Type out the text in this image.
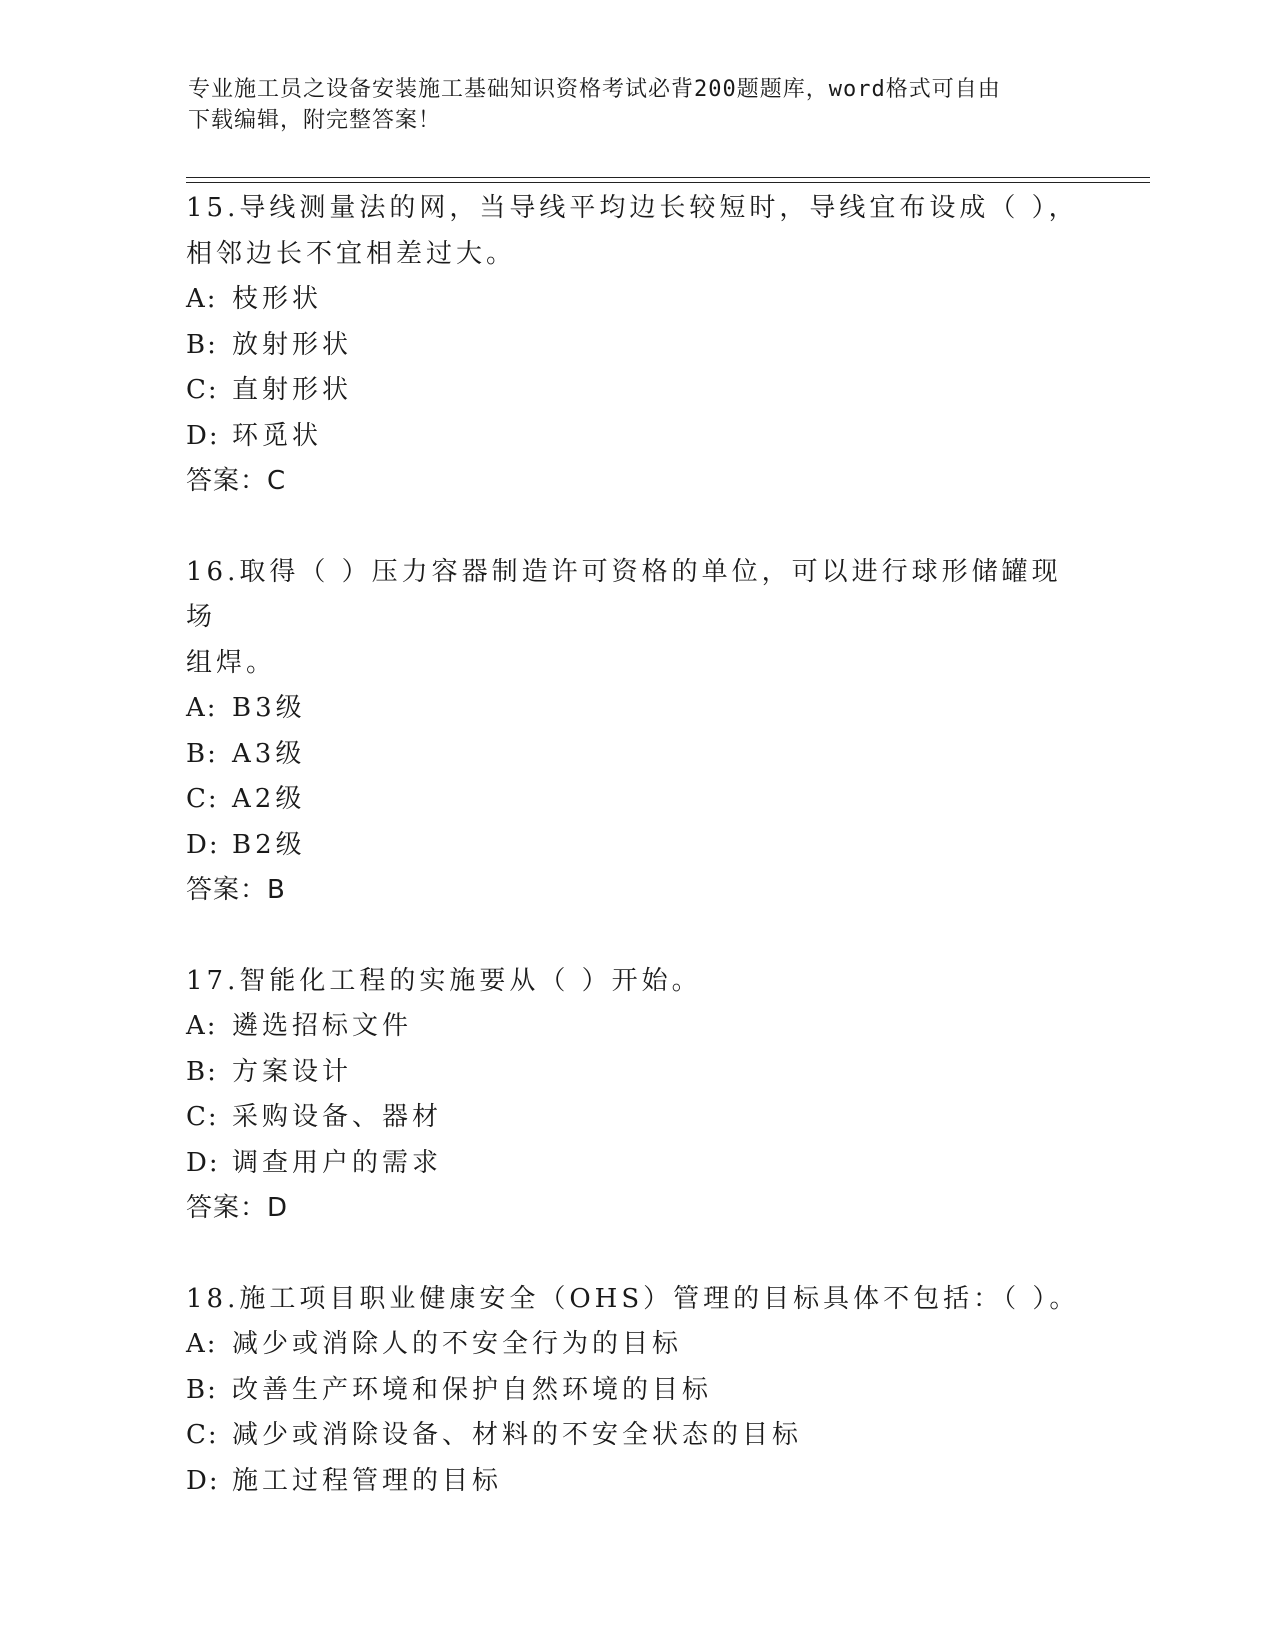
专业施工员之设备安装施工基础知识资格考试必背200题题库，word格式可自由
下载编辑，附完整答案！
15.导线测量法的网，当导线平均边长较短时，导线宜布设成（ ），
相邻边长不宜相差过大。
A: 枝形状
B: 放射形状
C: 直射形状
D: 环觅状
答案：C
16.取得（ ）压力容器制造许可资格的单位，可以进行球形储罐现场
组焊。
A: B3级
B: A3级
C: A2级
D: B2级
答案：B
17.智能化工程的实施要从（ ）开始。
A: 遴选招标文件
B: 方案设计
C: 采购设备、器材
D: 调查用户的需求
答案：D
18.施工项目职业健康安全（OHS）管理的目标具体不包括：（ ）。
A: 减少或消除人的不安全行为的目标
B: 改善生产环境和保护自然环境的目标
C: 减少或消除设备、材料的不安全状态的目标
D: 施工过程管理的目标
